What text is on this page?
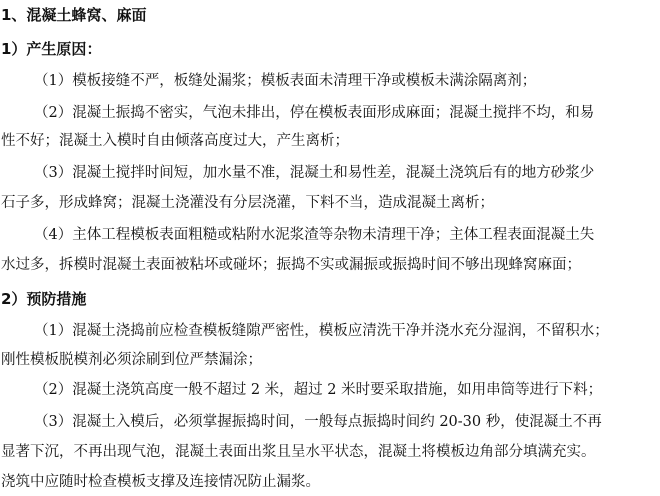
1、混凝土蜂窝、麻面
1）产生原因：
（1）模板接缝不严，板缝处漏浆；模板表面未清理干净或模板未满涂隔离剂；
（2）混凝土振捣不密实，气泡未排出，停在模板表面形成麻面；混凝土搅拌不均，和易
性不好；混凝土入模时自由倾落高度过大，产生离析；
（3）混凝土搅拌时间短，加水量不准，混凝土和易性差，混凝土浇筑后有的地方砂浆少
石子多，形成蜂窝；混凝土浇灌没有分层浇灌，下料不当，造成混凝土离析；
（4）主体工程模板表面粗糙或粘附水泥浆渣等杂物未清理干净；主体工程表面混凝土失
水过多，拆模时混凝土表面被粘坏或碰坏；振捣不实或漏振或振捣时间不够出现蜂窝麻面；
2）预防措施
（1）混凝土浇捣前应检查模板缝隙严密性，模板应清洗干净并浇水充分湿润，不留积水；
刚性模板脱模剂必须涂刷到位严禁漏涂；
（2）混凝土浇筑高度一般不超过 2 米，超过 2 米时要采取措施，如用串筒等进行下料；
（3）混凝土入模后，必须掌握振捣时间，一般每点振捣时间约 20-30 秒，使混凝土不再
显著下沉，不再出现气泡，混凝土表面出浆且呈水平状态，混凝土将模板边角部分填满充实。
浇筑中应随时检查模板支撑及连接情况防止漏浆。
